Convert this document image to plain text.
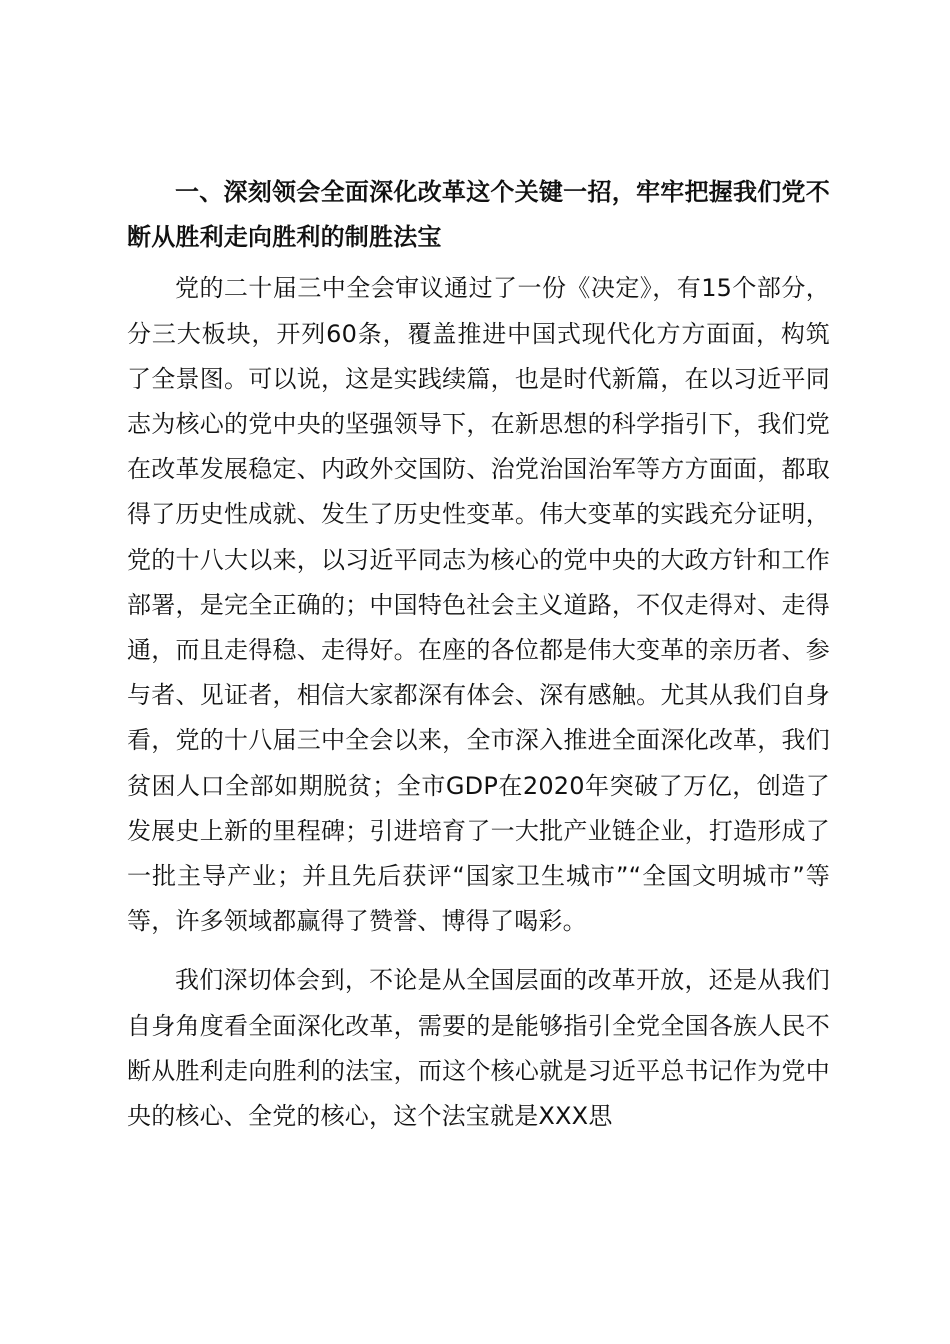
一、深刻领会全面深化改革这个关键一招，牢牢把握我们党不断从胜利走向胜利的制胜法宝

党的二十届三中全会审议通过了一份《决定》，有15个部分，分三大板块，开列60条，覆盖推进中国式现代化方方面面，构筑了全景图。可以说，这是实践续篇，也是时代新篇，在以习近平同志为核心的党中央的坚强领导下，在新思想的科学指引下，我们党在改革发展稳定、内政外交国防、治党治国治军等方方面面，都取得了历史性成就、发生了历史性变革。伟大变革的实践充分证明，党的十八大以来，以习近平同志为核心的党中央的大政方针和工作部署，是完全正确的；中国特色社会主义道路，不仅走得对、走得通，而且走得稳、走得好。在座的各位都是伟大变革的亲历者、参与者、见证者，相信大家都深有体会、深有感触。尤其从我们自身看，党的十八届三中全会以来，全市深入推进全面深化改革，我们贫困人口全部如期脱贫；全市GDP在2020年突破了万亿，创造了发展史上新的里程碑；引进培育了一大批产业链企业，打造形成了一批主导产业；并且先后获评“国家卫生城市”“全国文明城市”等等，许多领域都赢得了赞誉、博得了喝彩。

我们深切体会到，不论是从全国层面的改革开放，还是从我们自身角度看全面深化改革，需要的是能够指引全党全国各族人民不断从胜利走向胜利的法宝，而这个核心就是习近平总书记作为党中央的核心、全党的核心，这个法宝就是XXX思
